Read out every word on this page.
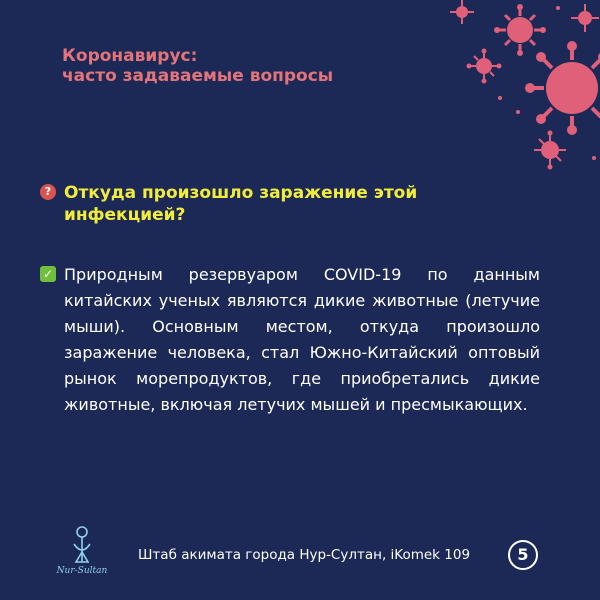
Коронавирус:
часто задаваемые вопросы
? Откуда произошло заражение этой инфекцией?
✓ Природным резервуаром COVID-19 по данным китайских ученых являются дикие животные (летучие мыши). Основным местом, откуда произошло заражение человека, стал Южно-Китайский оптовый рынок морепродуктов, где приобретались дикие животные, включая летучих мышей и пресмыкающих.
Nur-Sultan
Штаб акимата города Нур-Султан, iKomek 109	5
